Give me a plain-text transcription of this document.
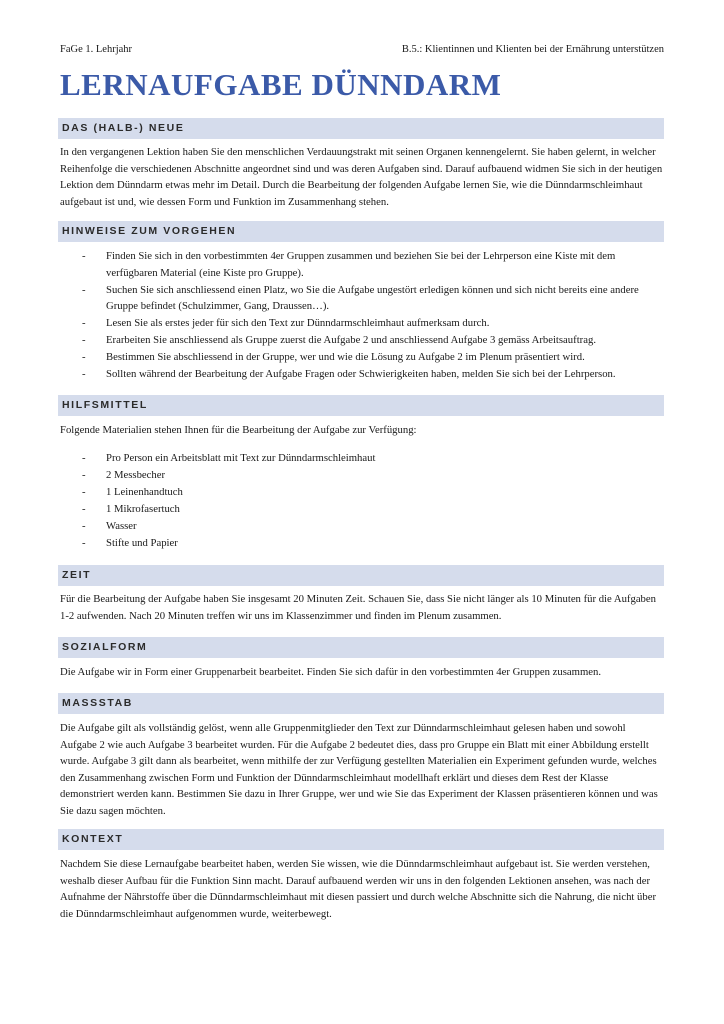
FaGe 1. Lehrjahr	B.5.: Klientinnen und Klienten bei der Ernährung unterstützen
LERNAUFGABE DÜNNDARM
DAS (HALB-) NEUE

In den vergangenen Lektion haben Sie den menschlichen Verdauungstrakt mit seinen Organen kennengelernt. Sie haben gelernt, in welcher Reihenfolge die verschiedenen Abschnitte angeordnet sind und was deren Aufgaben sind. Darauf aufbauend widmen Sie sich in der heutigen Lektion dem Dünndarm etwas mehr im Detail. Durch die Bearbeitung der folgenden Aufgabe lernen Sie, wie die Dünndarmschleimhaut aufgebaut ist und, wie dessen Form und Funktion im Zusammenhang stehen.

HINWEISE ZUM VORGEHEN
-	Finden Sie sich in den vorbestimmten 4er Gruppen zusammen und beziehen Sie bei der Lehrperson eine Kiste mit dem verfügbaren Material (eine Kiste pro Gruppe).
-	Suchen Sie sich anschliessend einen Platz, wo Sie die Aufgabe ungestört erledigen können und sich nicht bereits eine andere Gruppe befindet (Schulzimmer, Gang, Draussen…).
-	Lesen Sie als erstes jeder für sich den Text zur Dünndarmschleimhaut aufmerksam durch.
-	Erarbeiten Sie anschliessend als Gruppe zuerst die Aufgabe 2 und anschliessend Aufgabe 3 gemäss Arbeitsauftrag.
-	Bestimmen Sie abschliessend in der Gruppe, wer und wie die Lösung zu Aufgabe 2 im Plenum präsentiert wird.
-	Sollten während der Bearbeitung der Aufgabe Fragen oder Schwierigkeiten haben, melden Sie sich bei der Lehrperson.
HILFSMITTEL

Folgende Materialien stehen Ihnen für die Bearbeitung der Aufgabe zur Verfügung:

-	Pro Person ein Arbeitsblatt mit Text zur Dünndarmschleimhaut
-	2 Messbecher
-	1 Leinenhandtuch
-	1 Mikrofasertuch
-	Wasser
-	Stifte und Papier
ZEIT

Für die Bearbeitung der Aufgabe haben Sie insgesamt 20 Minuten Zeit. Schauen Sie, dass Sie nicht länger als 10 Minuten für die Aufgaben 1-2 aufwenden. Nach 20 Minuten treffen wir uns im Klassenzimmer und finden im Plenum zusammen.

SOZIALFORM

Die Aufgabe wir in Form einer Gruppenarbeit bearbeitet. Finden Sie sich dafür in den vorbestimmten 4er Gruppen zusammen.

MASSSTAB

Die Aufgabe gilt als vollständig gelöst, wenn alle Gruppenmitglieder den Text zur Dünndarmschleimhaut gelesen haben und sowohl Aufgabe 2 wie auch Aufgabe 3 bearbeitet wurden. Für die Aufgabe 2 bedeutet dies, dass pro Gruppe ein Blatt mit einer Abbildung erstellt wurde. Aufgabe 3 gilt dann als bearbeitet, wenn mithilfe der zur Verfügung gestellten Materialien ein Experiment gefunden wurde, welches den Zusammenhang zwischen Form und Funktion der Dünndarmschleimhaut modellhaft erklärt und dieses dem Rest der Klasse demonstriert werden kann. Bestimmen Sie dazu in Ihrer Gruppe, wer und wie Sie das Experiment der Klassen präsentieren können und was Sie dazu sagen möchten.

KONTEXT

Nachdem Sie diese Lernaufgabe bearbeitet haben, werden Sie wissen, wie die Dünndarmschleimhaut aufgebaut ist. Sie werden verstehen, weshalb dieser Aufbau für die Funktion Sinn macht. Darauf aufbauend werden wir uns in den folgenden Lektionen ansehen, was nach der Aufnahme der Nährstoffe über die Dünndarmschleimhaut mit diesen passiert und durch welche Abschnitte sich die Nahrung, die nicht über die Dünndarmschleimhaut aufgenommen wurde, weiterbewegt.
